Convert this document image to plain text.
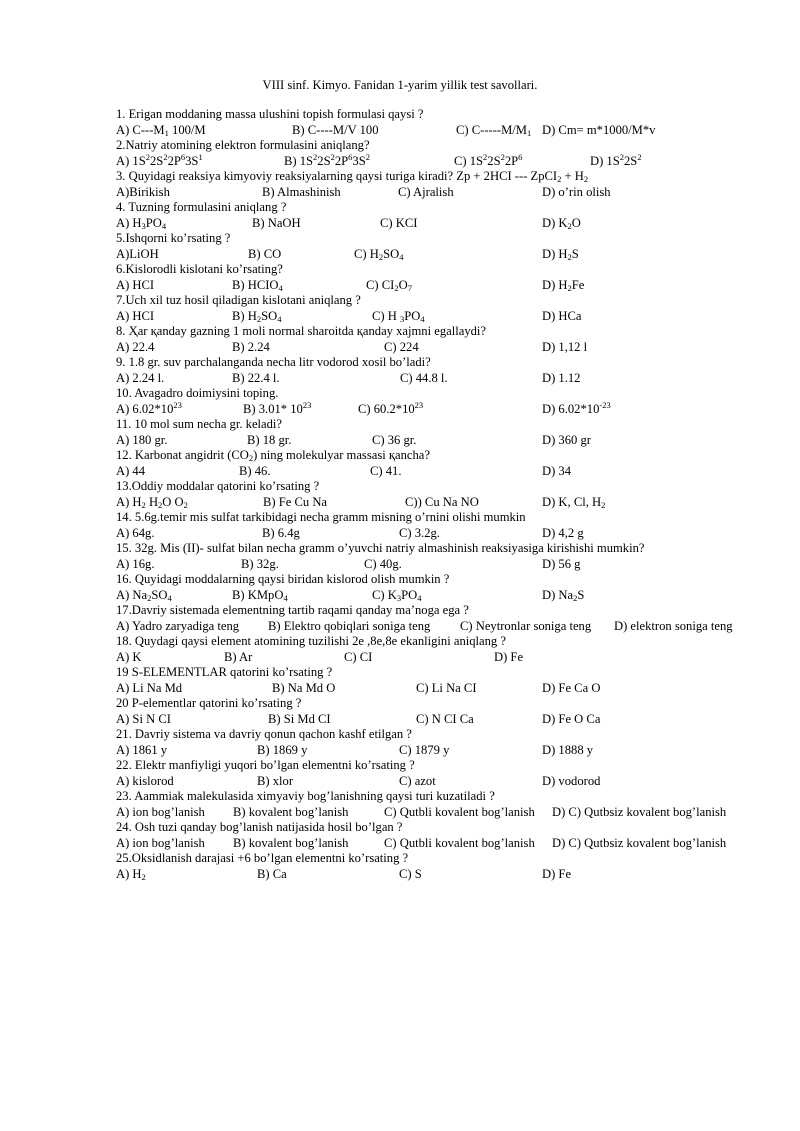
VIII sinf. Kimyo. Fanidan 1-yarim yillik test savollari.
1. Erigan moddaning massa ulushini topish formulasi qaysi ?
A) $C---M_1$ 100/M	B) C----M/V 100	C) $C-----M/M_1$ D) Cm= m*1000/M*v
2.Natriy atomining elektron formulasini aniqlang?
A) $1S^22S^22P^63S^1$	B) $1S^22S^22P^63S^2$	C) $1S^22S^22P^6$	D) $1S^22S^2$
3. Quyidagi reaksiya kimyoviy reaksiyalarning qaysi turiga kiradi? Zp + 2HCI --- ZpCI$_2$ + $H_2$
A)Birikish	B) Almashinish	C) Ajralish	D) o’rin olish
4. Tuzning formulasini aniqlang ?
A) $H_3PO_4$	B) NaOH	C) KCI	D) $K_2O$
5.Ishqorni ko’rsating ?
A)LiOH	B) CO	C) $H_2SO_4$	D) $H_2S$
6.Kislorodli kislotani ko’rsating?
A) HCI	B) $HCIO_4$	C) $CI_2O_7$	D) $H_2Fe$
7.Uch xil tuz hosil qiladigan kislotani aniqlang ?
A) HCI	B) $H_2SO_4$	C) H $_3PO_4$	D) HCa
8. Ҳar қanday gazning 1 moli normal sharoitda қanday xajmni egallaydi?
A) 22.4	B) 2.24	C) 224	D) 1,12 l
9. 1.8 gr. suv parchalanganda necha litr vodorod xosil bo’ladi?
A) 2.24 l.	B) 22.4 l.	C) 44.8 l.	D) 1.12
10. Avagadro doimiysini toping.
A) $6.02*10^{23}$	B) 3.01* $10^{23}$	C) $60.2*10^{23}$	D) $6.02*10^{-23}$
11. 10 mol sum necha gr. keladi?
A) 180 gr.	B) 18 gr.	C) 36 gr.	D) 360 gr
12. Karbonat angidrit $(CO_2)$ ning molekulyar massasi қancha?
A) 44	B) 46.	C) 41.	D) 34
13.Oddiy moddalar qatorini ko’rsating ?
A) $H_2$ $H_2O$ $O_2$	B) Fe Cu Na	C)) Cu Na NO	D) K, Cl, $H_2$
14. 5.6g.temir mis sulfat tarkibidagi necha gramm misning o’rnini olishi mumkin
A) 64g.	B) 6.4g	C) 3.2g.	D) 4,2 g
15. 32g. Mis (II)- sulfat bilan necha gramm o’yuvchi natriy almashinish reaksiyasiga kirishishi mumkin?
A) 16g.	B) 32g.	C) 40g.	D) 56 g
16. Quyidagi moddalarning qaysi biridan kislorod olish mumkin ?
A) $Na_2SO_4$	B) KMpO$_4$	C) $K_3PO_4$	D) $Na_2S$
17.Davriy sistemada elementning tartib raqami qanday ma’noga ega ?
A) Yadro zaryadiga teng B) Elektro qobiqlari soniga teng C) Neytronlar soniga teng D) elektron soniga teng
18. Quydagi qaysi element atomining tuzilishi 2e ,8e,8e ekanligini aniqlang ?
A) K	B) Ar	C) CI	D) Fe
19 S-ELEMENTLAR qatorini ko’rsating ?
A) Li Na Md	B) Na Md O	C) Li Na CI	D) Fe Ca O
20 P-elementlar qatorini ko’rsating ?
A) Si N CI	B) Si Md CI	C) N CI Ca	D) Fe O Ca
21. Davriy sistema va davriy qonun qachon kashf etilgan ?
A) 1861 y	B) 1869 y	C) 1879 y	D) 1888 y
22. Elektr manfiyligi yuqori bo’lgan elementni ko’rsating ?
A) kislorod	B) xlor	C) azot	D) vodorod
23. Aammiak malekulasida ximyaviy bog’lanishning qaysi turi kuzatiladi ?
A) ion bog’lanish B) kovalent bog’lanish	C) Qutbli kovalent bog’lanish D) C) Qutbsiz kovalent bog’lanish
24. Osh tuzi qanday bog’lanish natijasida hosil bo’lgan ?
A) ion bog’lanish B) kovalent bog’lanish	C) Qutbli kovalent bog’lanish D) C) Qutbsiz kovalent bog’lanish
25.Oksidlanish darajasi +6 bo’lgan elementni ko’rsating ?
A) $H_2$	B) Ca	C) S	D) Fe
